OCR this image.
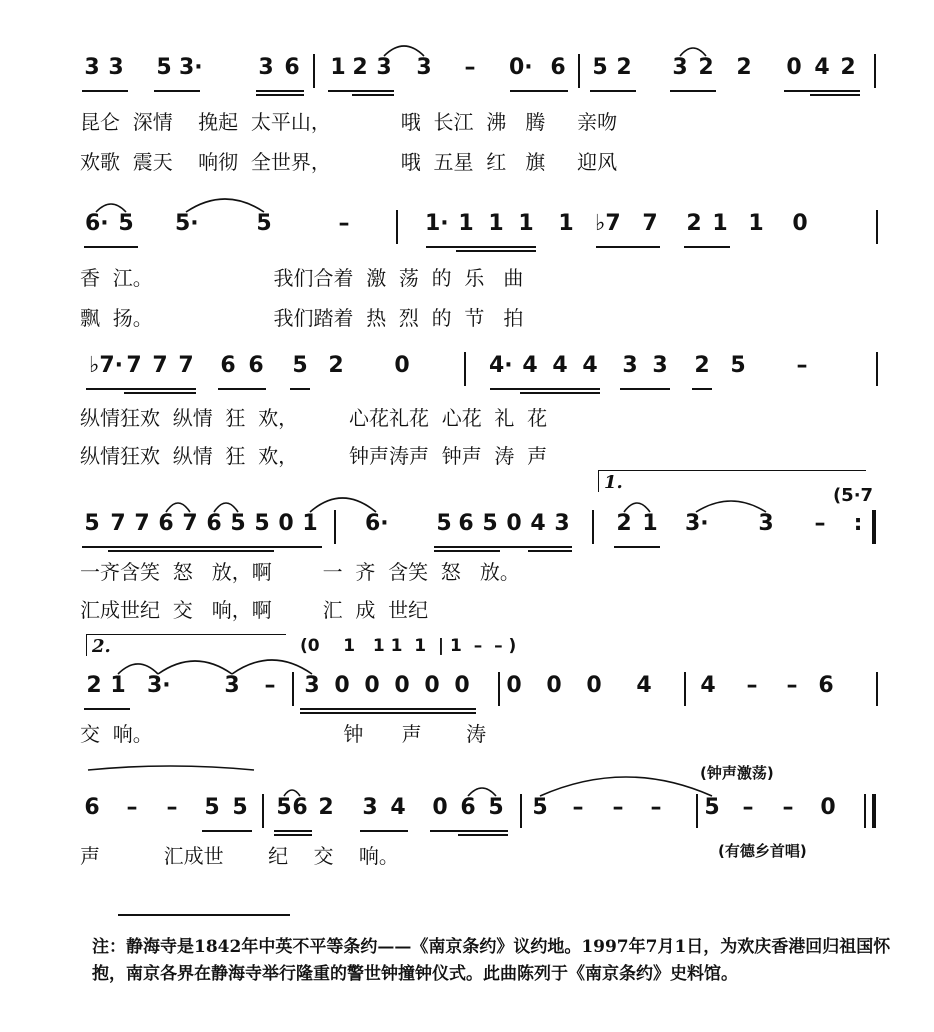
3 3 5 3·	3 6 1 2 3 3 – 0· 6 5 2 3 2 2 0 4 2
昆仑  深情    挽起  太平山，           哦  长江  沸   腾     亲吻
欢歌  震天    响彻  全世界，           哦  五星  红   旗     迎风
6· 5 5·	5	–	1· 1 1 1 1 ♭7 7 2 1 1 0
香  江。                   我们合着  激  荡  的  乐   曲
飘  扬。                   我们踏着  热  烈  的  节   拍
♭7· 7 7 7 6 6 5 2 0	4· 4 4 4 3 3 2 5 –
纵情狂欢  纵情  狂  欢，        心花礼花  心花  礼  花
纵情狂欢  纵情  狂  欢，        钟声涛声  钟声  涛  声
1.
5 7 7 6 7 6 5 5 0 1 6· 5 6 5 0 4 3 2 1 3· 3 –
(5·7
:
一齐含笑  怒   放，啊        一  齐  含笑  怒   放。
汇成世纪  交   响，啊        汇  成  世纪
2.	(0    1   1 1  1  | 1  –  – )
2 1 3· 3 – 3 0 0 0 0 0 0 0 0 4 4 – – 6
交  响。                              钟      声       涛
(钟声激荡)
6 – – 5 5 5 6 2 3 4 0 6 5 5 – – – 5 – – 0
声          汇成世       纪    交    响。	(有德乡首唱)
注：静海寺是1842年中英不平等条约——《南京条约》议约地。1997年7月1日，为欢庆香港回归祖国怀抱，南京各界在静海寺举行隆重的警世钟撞钟仪式。此曲陈列于《南京条约》史料馆。
